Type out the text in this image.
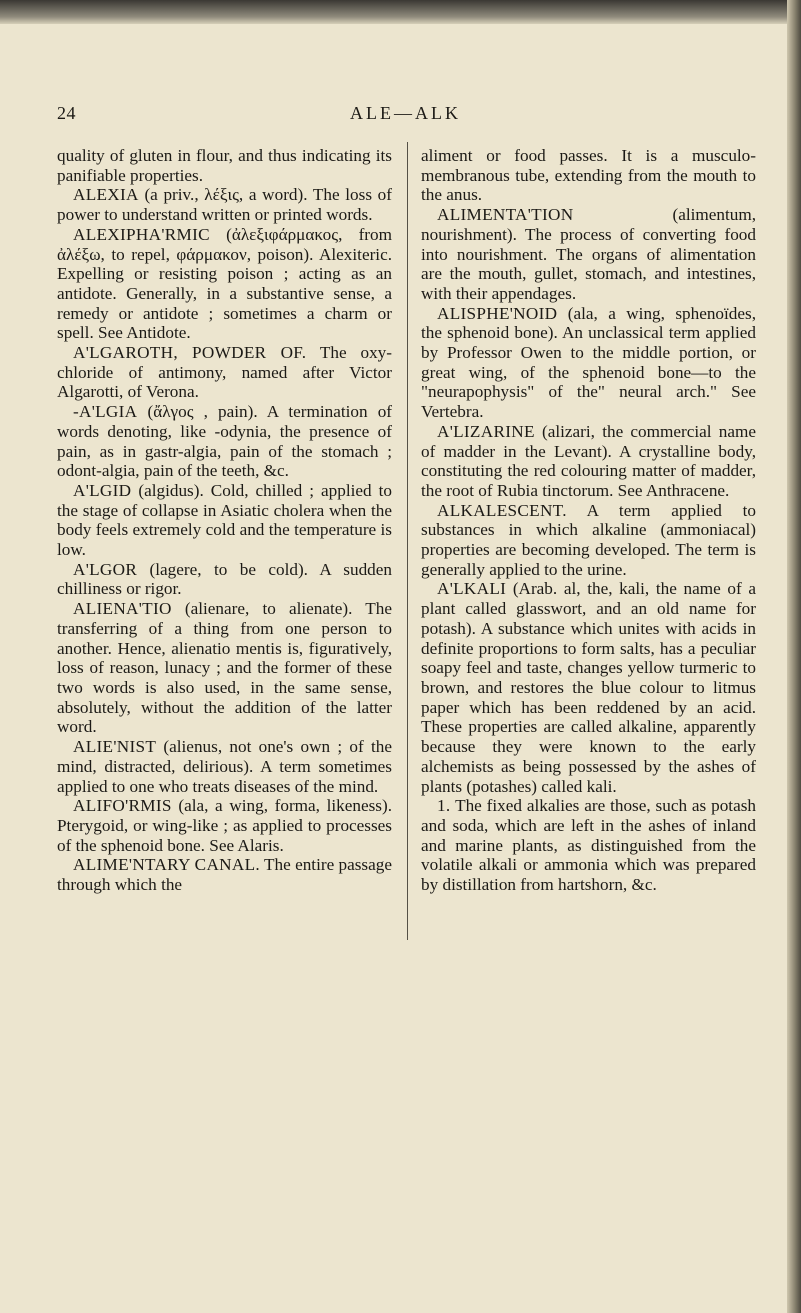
24	ALE—ALK

quality of gluten in flour, and thus indicating its panifiable properties.

ALEXIA (a priv., λέξις, a word). The loss of power to understand written or printed words.

ALEXIPHA'RMIC (ἀλεξιφάρμακος, from ἀλέξω, to repel, φάρμακον, poison). Alexiteric. Expelling or resisting poison ; acting as an antidote. Generally, in a substantive sense, a remedy or antidote ; sometimes a charm or spell. See Antidote.

A'LGAROTH, POWDER OF. The oxy-chloride of antimony, named after Victor Algarotti, of Verona.

-A'LGIA (ἄλγος , pain). A termination of words denoting, like -odynia, the presence of pain, as in gastr-algia, pain of the stomach ; odont-algia, pain of the teeth, &c.

A'LGID (algidus). Cold, chilled ; applied to the stage of collapse in Asiatic cholera when the body feels extremely cold and the temperature is low.

A'LGOR (lagere, to be cold). A sudden chilliness or rigor.

ALIENA'TIO (alienare, to alienate). The transferring of a thing from one person to another. Hence, alienatio mentis is, figuratively, loss of reason, lunacy ; and the former of these two words is also used, in the same sense, absolutely, without the addition of the latter word.

ALIE'NIST (alienus, not one's own ; of the mind, distracted, delirious). A term sometimes applied to one who treats diseases of the mind.

ALIFO'RMIS (ala, a wing, forma, likeness). Pterygoid, or wing-like ; as applied to processes of the sphenoid bone. See Alaris.

ALIME'NTARY CANAL. The entire passage through which the

aliment or food passes. It is a musculo-membranous tube, extending from the mouth to the anus.

ALIMENTA'TION	(alimentum, nourishment). The process of converting food into nourishment. The organs of alimentation are the mouth, gullet, stomach, and intestines, with their appendages.

ALISPHE'NOID (ala, a wing, sphenoïdes, the sphenoid bone). An unclassical term applied by Professor Owen to the middle portion, or great wing, of the sphenoid bone—to the "neurapophysis" of the" neural arch." See Vertebra.

A'LIZARINE (alizari, the commercial name of madder in the Levant). A crystalline body, constituting the red colouring matter of madder, the root of Rubia tinctorum. See Anthracene.

ALKALESCENT. A term applied to substances in which alkaline (ammoniacal) properties are becoming developed. The term is generally applied to the urine.

A'LKALI (Arab. al, the, kali, the name of a plant called glasswort, and an old name for potash). A substance which unites with acids in definite proportions to form salts, has a peculiar soapy feel and taste, changes yellow turmeric to brown, and restores the blue colour to litmus paper which has been reddened by an acid. These properties are called alkaline, apparently because they were known to the early alchemists as being possessed by the ashes of plants (potashes) called kali.

1. The fixed alkalies are those, such as potash and soda, which are left in the ashes of inland and marine plants, as distinguished from the volatile alkali or ammonia which was prepared by distillation from hartshorn, &c.
